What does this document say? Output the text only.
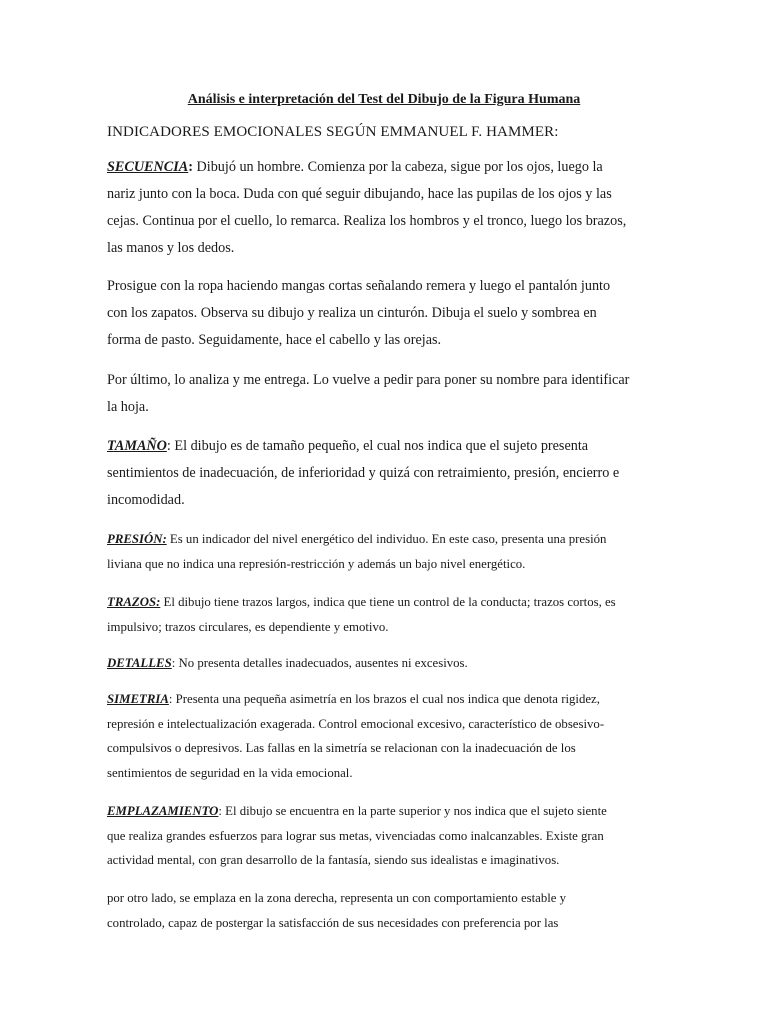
Análisis e interpretación del Test del Dibujo de la Figura Humana
INDICADORES EMOCIONALES SEGÚN EMMANUEL F. HAMMER:
SECUENCIA: Dibujó un hombre. Comienza por la cabeza, sigue por los ojos, luego la
nariz junto con la boca. Duda con qué seguir dibujando, hace las pupilas de los ojos y las
cejas. Continua por el cuello, lo remarca. Realiza los hombros y el tronco, luego los brazos,
las manos y los dedos.
Prosigue con la ropa haciendo mangas cortas señalando remera y luego el pantalón junto
con los zapatos. Observa su dibujo y realiza un cinturón. Dibuja el suelo y sombrea en
forma de pasto. Seguidamente, hace el cabello y las orejas.
Por último, lo analiza y me entrega. Lo vuelve a pedir para poner su nombre para identificar
la hoja.
TAMAÑO: El dibujo es de tamaño pequeño, el cual nos indica que el sujeto presenta
sentimientos de inadecuación, de inferioridad y quizá con retraimiento, presión, encierro e
incomodidad.
PRESIÓN: Es un indicador del nivel energético del individuo. En este caso, presenta una presión
liviana que no indica una represión-restricción y además un bajo nivel energético.
TRAZOS: El dibujo tiene trazos largos, indica que tiene un control de la conducta; trazos cortos, es
impulsivo; trazos circulares, es dependiente y emotivo.
DETALLES: No presenta detalles inadecuados, ausentes ni excesivos.
SIMETRIA: Presenta una pequeña asimetría en los brazos el cual nos indica que denota rigidez,
represión e intelectualización exagerada. Control emocional excesivo, característico de obsesivo-
compulsivos o depresivos. Las fallas en la simetría se relacionan con la inadecuación de los
sentimientos de seguridad en la vida emocional.
EMPLAZAMIENTO: El dibujo se encuentra en la parte superior y nos indica que el sujeto siente
que realiza grandes esfuerzos para lograr sus metas, vivenciadas como inalcanzables. Existe gran
actividad mental, con gran desarrollo de la fantasía, siendo sus idealistas e imaginativos.
por otro lado, se emplaza en la zona derecha, representa un con comportamiento estable y
controlado, capaz de postergar la satisfacción de sus necesidades con preferencia por las
